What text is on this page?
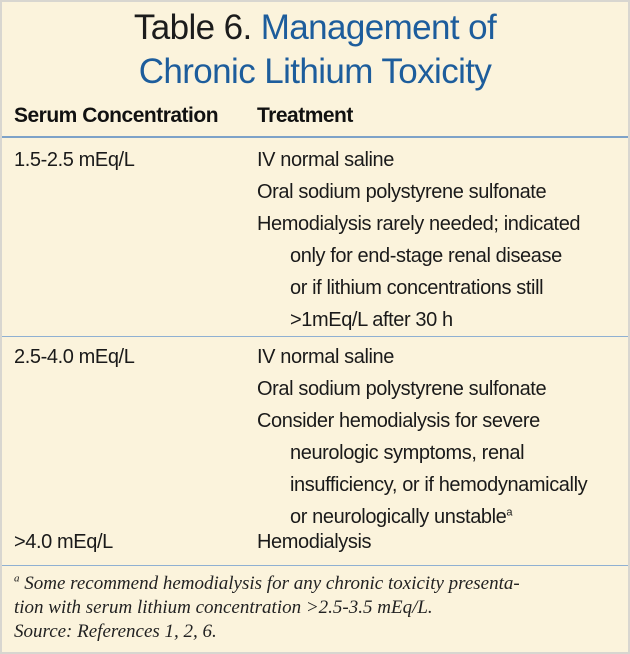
Table 6. Management of
Chronic Lithium Toxicity
Serum Concentration Treatment
1.5-2.5 mEq/L	IV normal saline
Oral sodium polystyrene sulfonate
Hemodialysis rarely needed; indicated
only for end-stage renal disease
or if lithium concentrations still
>1mEq/L after 30 h
2.5-4.0 mEq/L	IV normal saline
Oral sodium polystyrene sulfonate
Consider hemodialysis for severe
neurologic symptoms, renal
insufficiency, or if hemodynamically
or neurologically unstable$^a$
>4.0 mEq/L	Hemodialysis
$^a$ Some recommend hemodialysis for any chronic toxicity presenta-
tion with serum lithium concentration >2.5-3.5 mEq/L.
Source: References 1, 2, 6.
